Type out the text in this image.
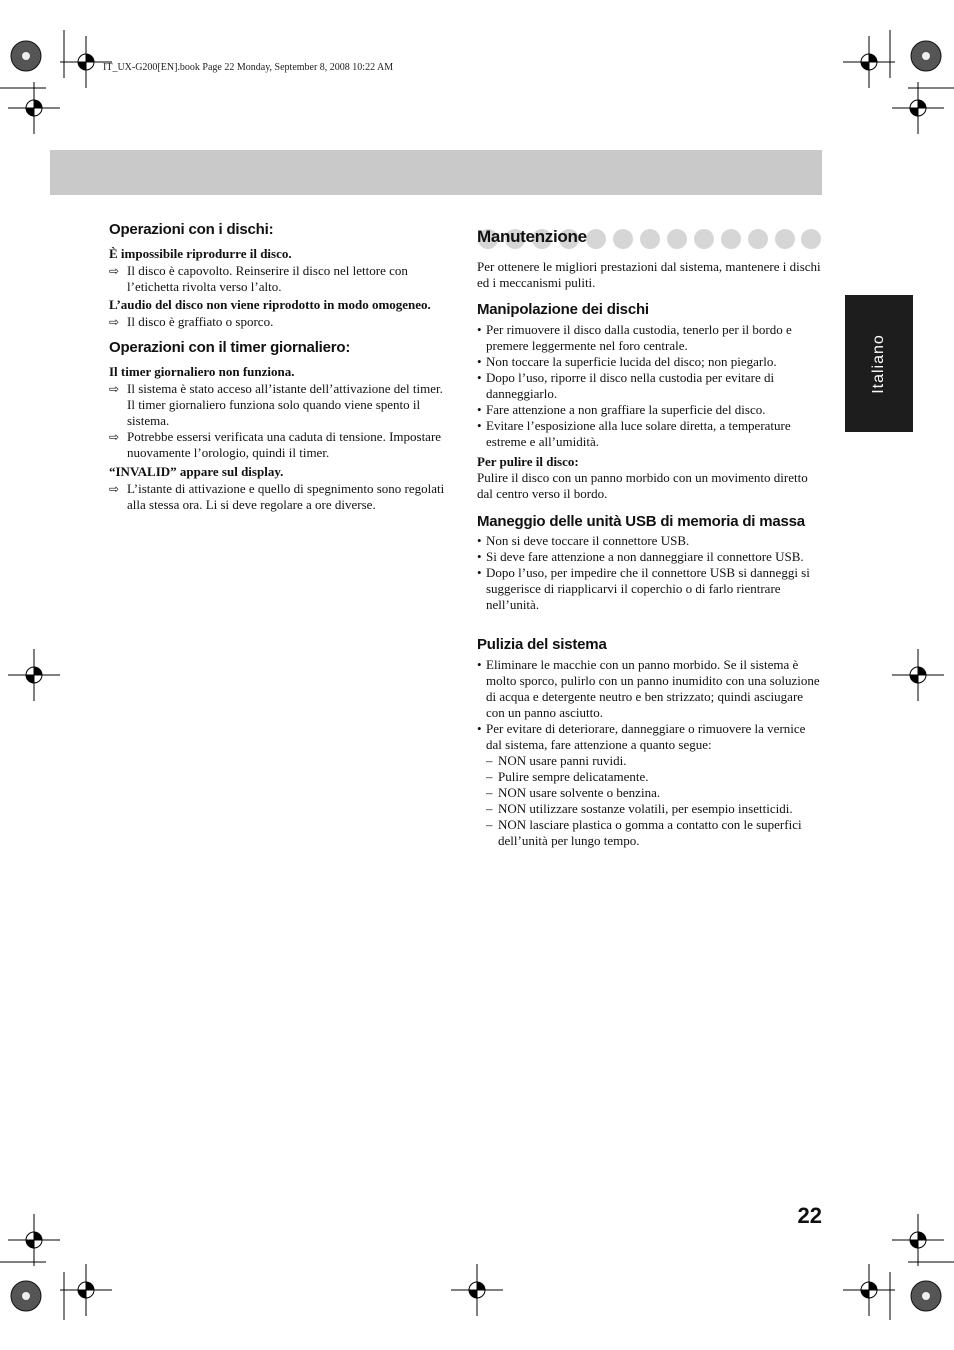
IT_UX-G200[EN].book Page 22 Monday, September 8, 2008 10:22 AM
Italiano
Operazioni con i dischi:

È impossibile riprodurre il disco.

⇨ Il disco è capovolto. Reinserire il disco nel lettore con l’etichetta rivolta verso l’alto.

L’audio del disco non viene riprodotto in modo omogeneo.

⇨ Il disco è graffiato o sporco.
Operazioni con il timer giornaliero:

Il timer giornaliero non funziona.

⇨ Il sistema è stato acceso all’istante dell’attivazione del timer. Il timer giornaliero funziona solo quando viene spento il sistema.
⇨ Potrebbe essersi verificata una caduta di tensione. Impostare nuovamente l’orologio, quindi il timer.

“INVALID” appare sul display.

⇨ L’istante di attivazione e quello di spegnimento sono regolati alla stessa ora. Li si deve regolare a ore diverse.
Manutenzione

Per ottenere le migliori prestazioni dal sistema, mantenere i dischi ed i meccanismi puliti.

Manipolazione dei dischi
• Per rimuovere il disco dalla custodia, tenerlo per il bordo e premere leggermente nel foro centrale.
• Non toccare la superficie lucida del disco; non piegarlo.
• Dopo l’uso, riporre il disco nella custodia per evitare di danneggiarlo.
• Fare attenzione a non graffiare la superficie del disco.
• Evitare l’esposizione alla luce solare diretta, a temperature estreme e all’umidità.

Per pulire il disco:

Pulire il disco con un panno morbido con un movimento diretto dal centro verso il bordo.

Maneggio delle unità USB di memoria di massa
• Non si deve toccare il connettore USB.
• Si deve fare attenzione a non danneggiare il connettore USB.
• Dopo l’uso, per impedire che il connettore USB si danneggi si suggerisce di riapplicarvi il coperchio o di farlo rientrare nell’unità.
Pulizia del sistema
• Eliminare le macchie con un panno morbido. Se il sistema è molto sporco, pulirlo con un panno inumidito con una soluzione di acqua e detergente neutro e ben strizzato; quindi asciugare con un panno asciutto.
• Per evitare di deteriorare, danneggiare o rimuovere la vernice dal sistema, fare attenzione a quanto segue:
– NON usare panni ruvidi.
– Pulire sempre delicatamente.
– NON usare solvente o benzina.
– NON utilizzare sostanze volatili, per esempio insetticidi.
– NON lasciare plastica o gomma a contatto con le superfici dell’unità per lungo tempo.
22
